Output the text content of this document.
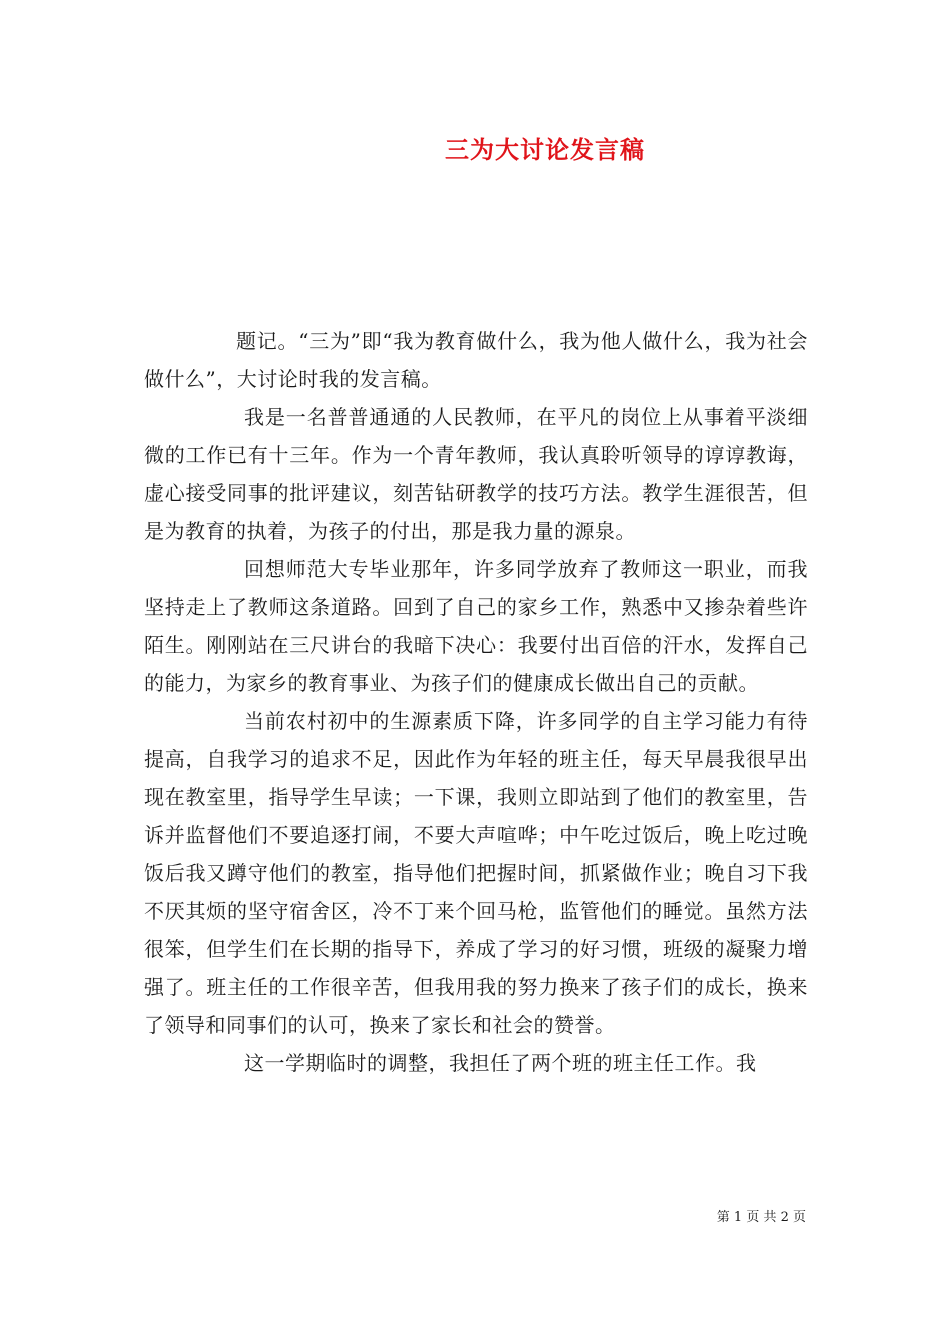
三为大讨论发言稿

题记。“三为”即“我为教育做什么，我为他人做什么，我为社会做什么”，大讨论时我的发言稿。

我是一名普普通通的人民教师，在平凡的岗位上从事着平淡细微的工作已有十三年。作为一个青年教师，我认真聆听领导的谆谆教诲，虚心接受同事的批评建议，刻苦钻研教学的技巧方法。教学生涯很苦，但是为教育的执着，为孩子的付出，那是我力量的源泉。

回想师范大专毕业那年，许多同学放弃了教师这一职业，而我坚持走上了教师这条道路。回到了自己的家乡工作，熟悉中又掺杂着些许陌生。刚刚站在三尺讲台的我暗下决心：我要付出百倍的汗水，发挥自己的能力，为家乡的教育事业、为孩子们的健康成长做出自己的贡献。

当前农村初中的生源素质下降，许多同学的自主学习能力有待提高，自我学习的追求不足，因此作为年轻的班主任，每天早晨我很早出现在教室里，指导学生早读；一下课，我则立即站到了他们的教室里，告诉并监督他们不要追逐打闹，不要大声喧哗；中午吃过饭后，晚上吃过晚饭后我又蹲守他们的教室，指导他们把握时间，抓紧做作业；晚自习下我不厌其烦的坚守宿舍区，冷不丁来个回马枪，监管他们的睡觉。虽然方法很笨，但学生们在长期的指导下，养成了学习的好习惯，班级的凝聚力增强了。班主任的工作很辛苦，但我用我的努力换来了孩子们的成长，换来了领导和同事们的认可，换来了家长和社会的赞誉。

这一学期临时的调整，我担任了两个班的班主任工作。我

第 1 页 共 2 页
